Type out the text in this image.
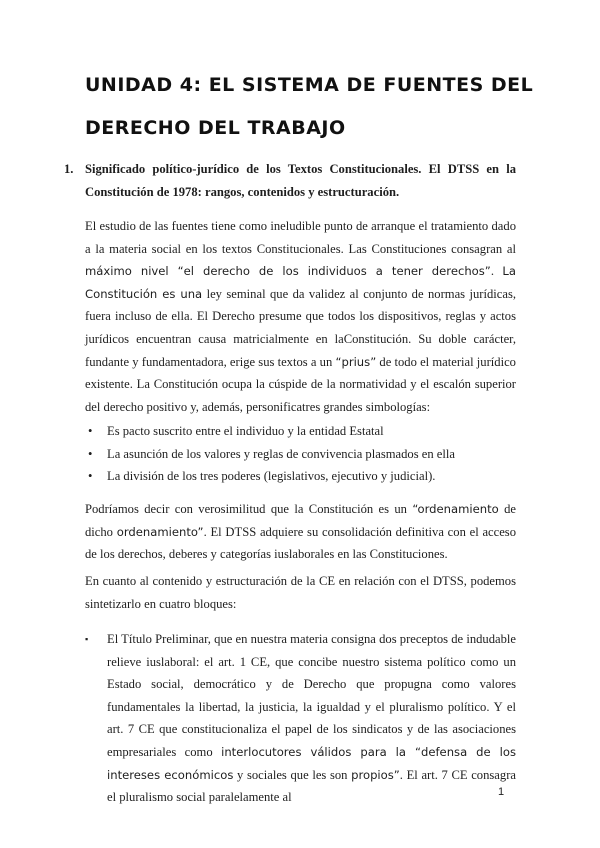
UNIDAD 4: EL SISTEMA DE FUENTES DEL
DERECHO DEL TRABAJO
1. Significado político-jurídico de los Textos Constitucionales. El DTSS en la Constitución de 1978: rangos, contenidos y estructuración.
El estudio de las fuentes tiene como ineludible punto de arranque el tratamiento dado a la materia social en los textos Constitucionales. Las Constituciones consagran al máximo nivel “el derecho de los individuos a tener derechos”. La Constitución es una ley seminal que da validez al conjunto de normas jurídicas, fuera incluso de ella. El Derecho presume que todos los dispositivos, reglas y actos jurídicos encuentran causa matricialmente en laConstitución. Su doble carácter, fundante y fundamentadora, erige sus textos a un “prius” de todo el material jurídico existente. La Constitución ocupa la cúspide de la normatividad y el escalón superior del derecho positivo y, además, personificatres grandes simbologías:
• Es pacto suscrito entre el individuo y la entidad Estatal
• La asunción de los valores y reglas de convivencia plasmados en ella
• La división de los tres poderes (legislativos, ejecutivo y judicial).
Podríamos decir con verosimilitud que la Constitución es un “ordenamiento de dicho ordenamiento”. El DTSS adquiere su consolidación definitiva con el acceso de los derechos, deberes y categorías iuslaborales en las Constituciones.
En cuanto al contenido y estructuración de la CE en relación con el DTSS, podemos sintetizarlo en cuatro bloques:
▪ El Título Preliminar, que en nuestra materia consigna dos preceptos de indudable relieve iuslaboral: el art. 1 CE, que concibe nuestro sistema político como un Estado social, democrático y de Derecho que propugna como valores fundamentales la libertad, la justicia, la igualdad y el pluralismo político. Y el art. 7 CE que constitucionaliza el papel de los sindicatos y de las asociaciones empresariales como interlocutores válidos para la “defensa de los intereses económicos y sociales que les son propios”. El art. 7 CE consagra el pluralismo social paralelamente al	1
